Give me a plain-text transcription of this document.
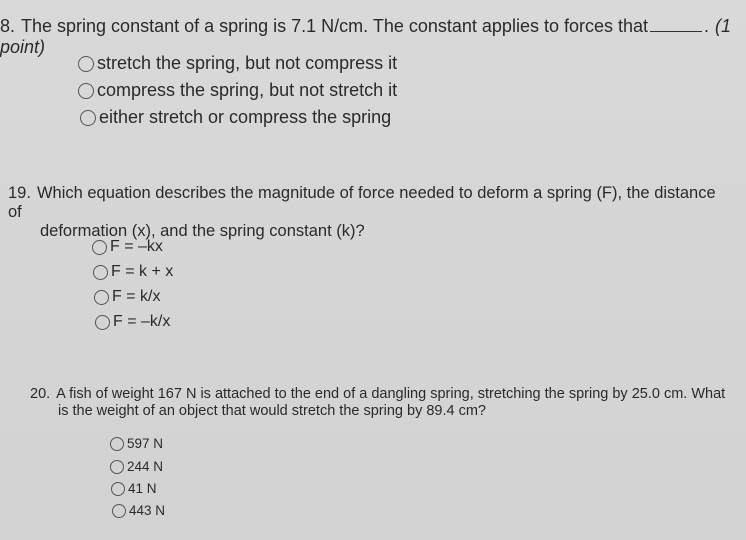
8. The spring constant of a spring is 7.1 N/cm. The constant applies to forces that	. (1 point)
stretch the spring, but not compress it
compress the spring, but not stretch it
either stretch or compress the spring
19. Which equation describes the magnitude of force needed to deform a spring (F), the distance of
deformation (x), and the spring constant (k)?
F = –kx
F = k + x
F = k/x
F = –k/x
20. A fish of weight 167 N is attached to the end of a dangling spring, stretching the spring by 25.0 cm. What
is the weight of an object that would stretch the spring by 89.4 cm?
597 N
244 N
41 N
443 N
